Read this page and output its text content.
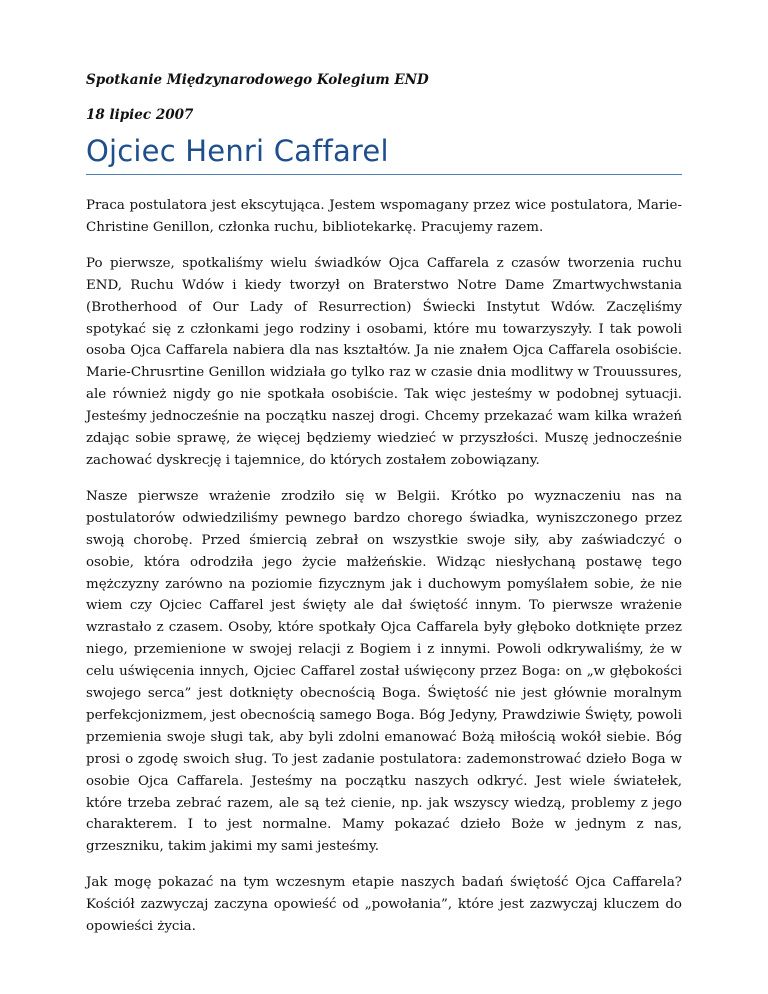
Spotkanie Międzynarodowego Kolegium END

18 lipiec 2007

Ojciec Henri Caffarel

Praca postulatora jest ekscytująca. Jestem wspomagany przez wice postulatora, Marie-Christine Genillon, członka ruchu, bibliotekarkę. Pracujemy razem.

Po pierwsze, spotkaliśmy wielu świadków Ojca Caffarela z czasów tworzenia ruchu END, Ruchu Wdów i kiedy tworzył on Braterstwo Notre Dame Zmartwychwstania (Brotherhood of Our Lady of Resurrection) Świecki Instytut Wdów. Zaczęliśmy spotykać się z członkami jego rodziny i osobami, które mu towarzyszyły. I tak powoli osoba Ojca Caffarela nabiera dla nas kształtów. Ja nie znałem Ojca Caffarela osobiście. Marie-Chrusrtine Genillon widziała go tylko raz w czasie dnia modlitwy w Trouussures, ale również nigdy go nie spotkała osobiście. Tak więc jesteśmy w podobnej sytuacji. Jesteśmy jednocześnie na początku naszej drogi. Chcemy przekazać wam kilka wrażeń zdając sobie sprawę, że więcej będziemy wiedzieć w przyszłości. Muszę jednocześnie zachować dyskrecję i tajemnice, do których zostałem zobowiązany.

Nasze pierwsze wrażenie zrodziło się w Belgii. Krótko po wyznaczeniu nas na postulatorów odwiedziliśmy pewnego bardzo chorego świadka, wyniszczonego przez swoją chorobę. Przed śmiercią zebrał on wszystkie swoje siły, aby zaświadczyć o osobie, która odrodziła jego życie małżeńskie. Widząc niesłychaną postawę tego mężczyzny zarówno na poziomie fizycznym jak i duchowym pomyślałem sobie, że nie wiem czy Ojciec Caffarel jest święty ale dał świętość innym. To pierwsze wrażenie wzrastało z czasem. Osoby, które spotkały Ojca Caffarela były głęboko dotknięte przez niego, przemienione w swojej relacji z Bogiem i z innymi. Powoli odkrywaliśmy, że w celu uświęcenia innych, Ojciec Caffarel został uświęcony przez Boga: on „w głębokości swojego serca” jest dotknięty obecnością Boga. Świętość nie jest głównie moralnym perfekcjonizmem, jest obecnością samego Boga. Bóg Jedyny, Prawdziwie Święty, powoli przemienia swoje sługi tak, aby byli zdolni emanować Bożą miłością wokół siebie. Bóg prosi o zgodę swoich sług. To jest zadanie postulatora: zademonstrować dzieło Boga w osobie Ojca Caffarela. Jesteśmy na początku naszych odkryć. Jest wiele światełek, które trzeba zebrać razem, ale są też cienie, np. jak wszyscy wiedzą, problemy z jego charakterem. I to jest normalne. Mamy pokazać dzieło Boże w jednym z nas, grzeszniku, takim jakimi my sami jesteśmy.

Jak mogę pokazać na tym wczesnym etapie naszych badań świętość Ojca Caffarela? Kościół zazwyczaj zaczyna opowieść od „powołania”, które jest zazwyczaj kluczem do opowieści życia.
